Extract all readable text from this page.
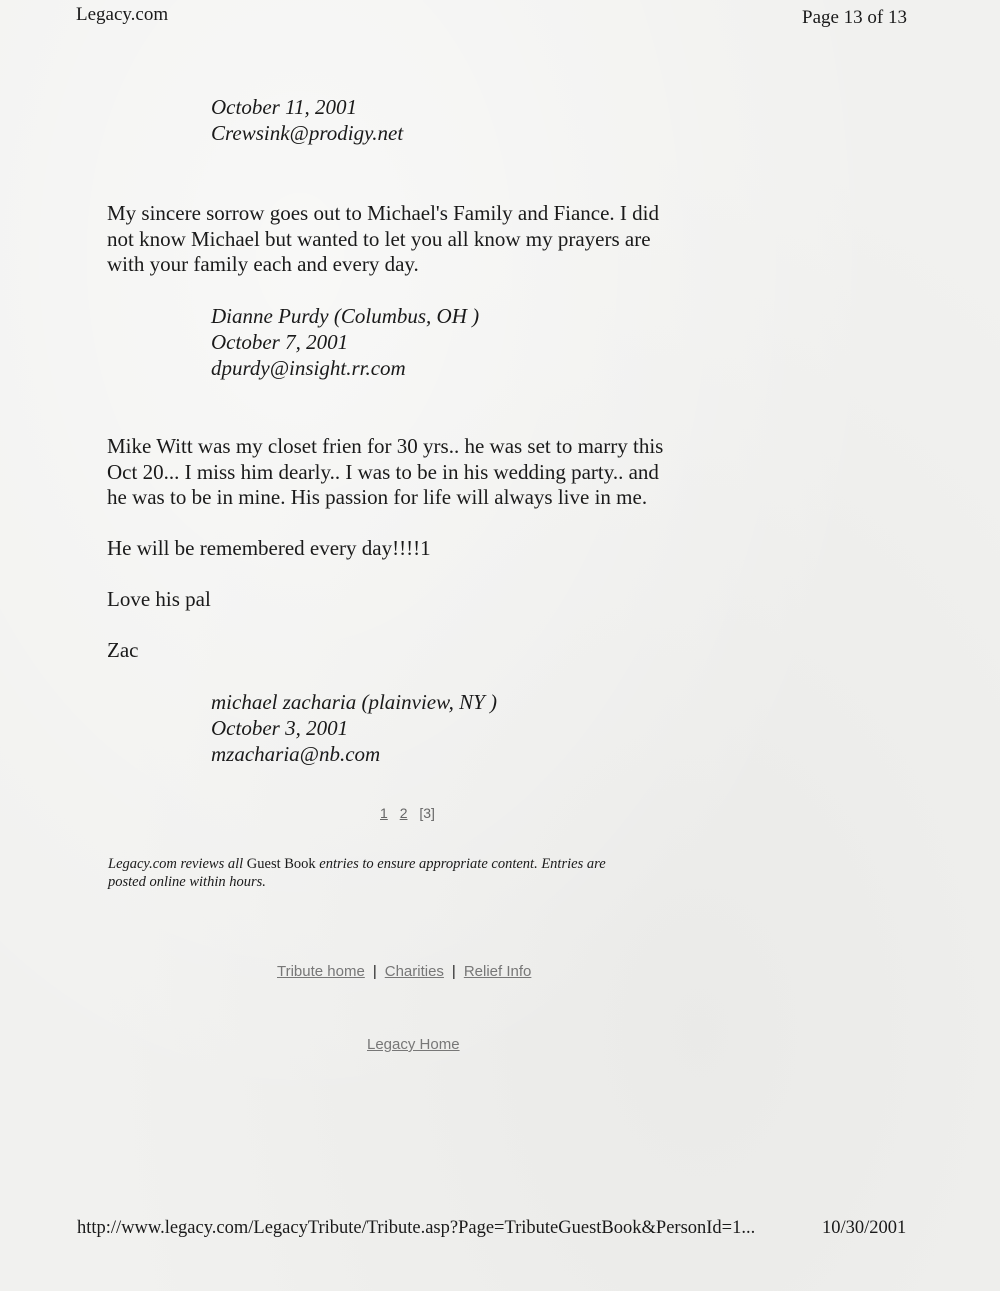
Legacy.com	Page 13 of 13
October 11, 2001
Crewsink@prodigy.net

My sincere sorrow goes out to Michael's Family and Fiance. I did

not know Michael but wanted to let you all know my prayers are

with your family each and every day.

Dianne Purdy (Columbus, OH )
October 7, 2001
dpurdy@insight.rr.com

Mike Witt was my closet frien for 30 yrs.. he was set to marry this

Oct 20... I miss him dearly.. I was to be in his wedding party.. and

he was to be in mine. His passion for life will always live in me.

He will be remembered every day!!!!1

Love his pal

Zac

michael zacharia (plainview, NY )
October 3, 2001
mzacharia@nb.com
1 2 [3]
Legacy.com reviews all Guest Book entries to ensure appropriate content. Entries are
posted online within hours.
Tribute home | Charities | Relief Info
Legacy Home
http://www.legacy.com/LegacyTribute/Tribute.asp?Page=TributeGuestBook&PersonId=1...	10/30/2001
